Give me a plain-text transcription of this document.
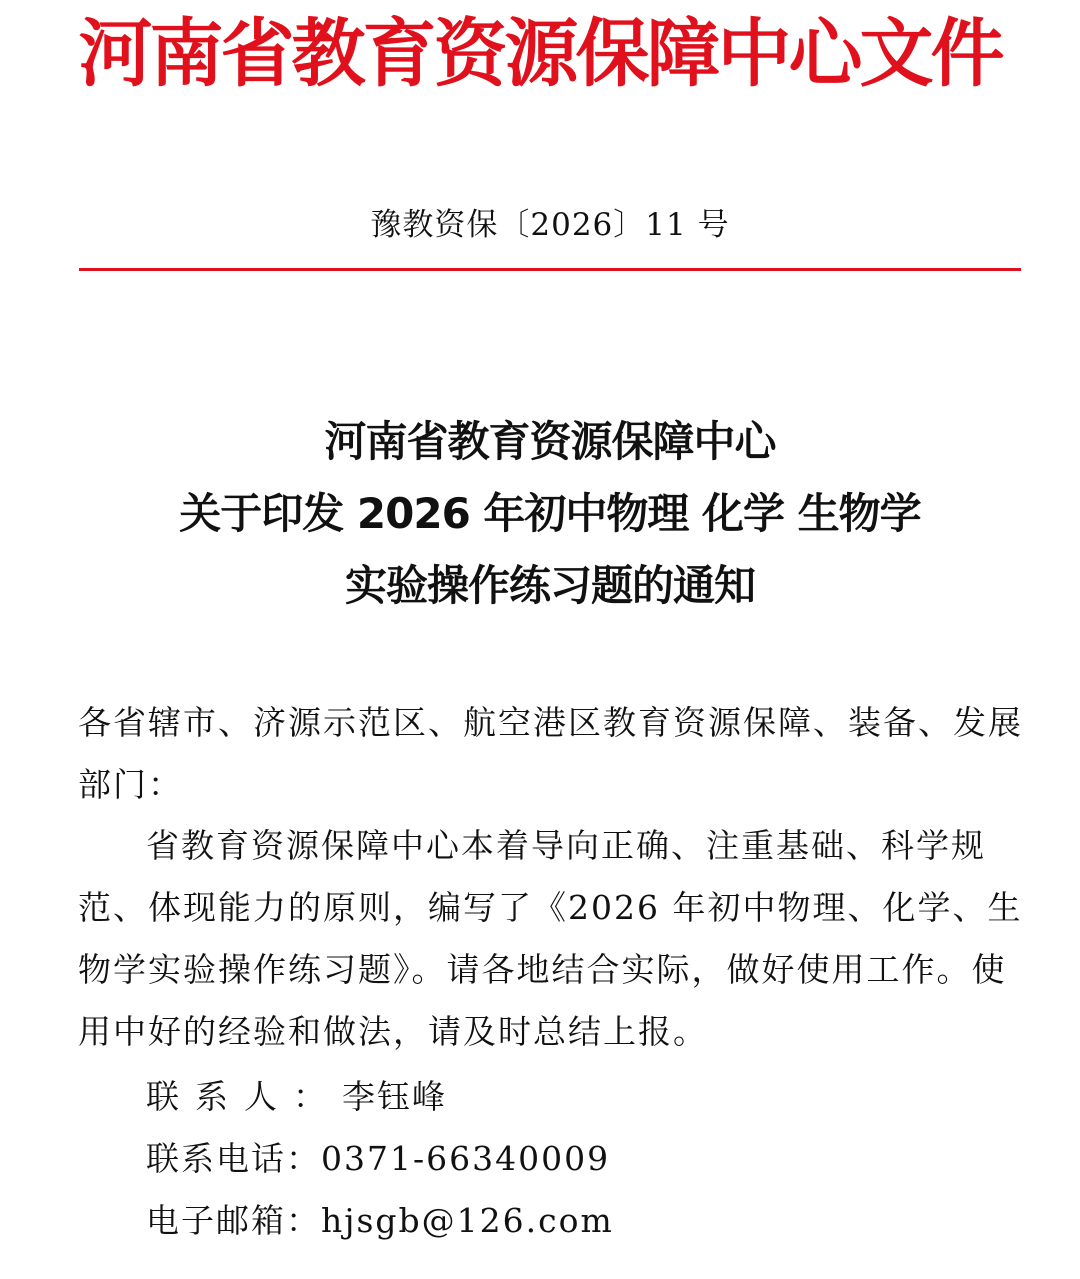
河南省教育资源保障中心文件
豫教资保〔2026〕11 号
河南省教育资源保障中心
关于印发 2026 年初中物理 化学 生物学
实验操作练习题的通知
各省辖市、济源示范区、航空港区教育资源保障、装备、发展部门：
省教育资源保障中心本着导向正确、注重基础、科学规范、体现能力的原则，编写了《2026 年初中物理、化学、生物学实验操作练习题》。请各地结合实际，做好使用工作。使用中好的经验和做法，请及时总结上报。
联系人：李钰峰
联系电话：0371-66340009
电子邮箱：hjsgb@126.com
